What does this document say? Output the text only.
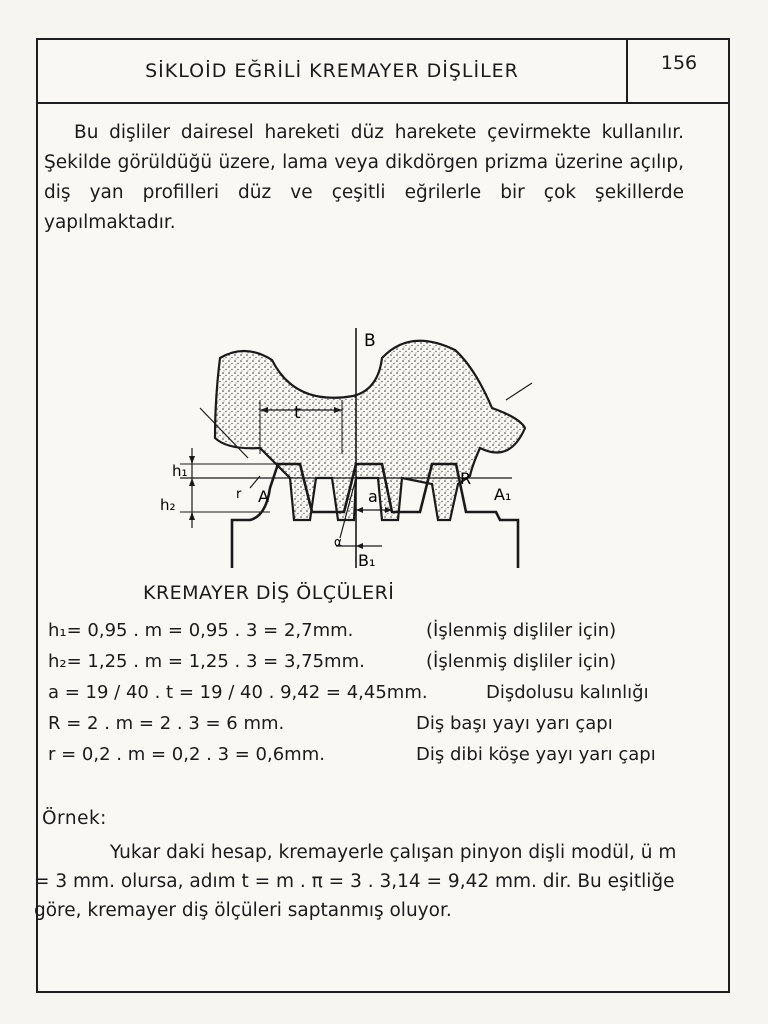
SİKLOİD EĞRİLİ KREMAYER DİŞLİLER	156

Bu dişliler dairesel hareketi düz harekete çevirmekte kullanılır. Şekilde görüldüğü üzere, lama veya dikdörgen prizma üzerine açılıp, diş yan profilleri düz ve çeşitli eğrilerle bir çok şekillerde yapılmaktadır.

B
t
h₁
h₂	A	A₁
a
R
r
α
B₁
KREMAYER DİŞ ÖLÇÜLERİ
h₁= 0,95 . m = 0,95 . 3 = 2,7mm.	(İşlenmiş dişliler için)
h₂= 1,25 . m = 1,25 . 3 = 3,75mm.	(İşlenmiş dişliler için)
a = 19 / 40 . t = 19 / 40 . 9,42 = 4,45mm.	Dişdolusu kalınlığı
R = 2 . m = 2 . 3 = 6 mm.	Diş başı yayı yarı çapı
r = 0,2 . m = 0,2 . 3 = 0,6mm.	Diş dibi köşe yayı yarı çapı
Örnek:

Yukar daki hesap, kremayerle çalışan pinyon dişli modül, ü m = 3 mm. olursa, adım t = m . π = 3 . 3,14 = 9,42 mm. dir. Bu eşitliğe göre, kremayer diş ölçüleri saptanmış oluyor.
